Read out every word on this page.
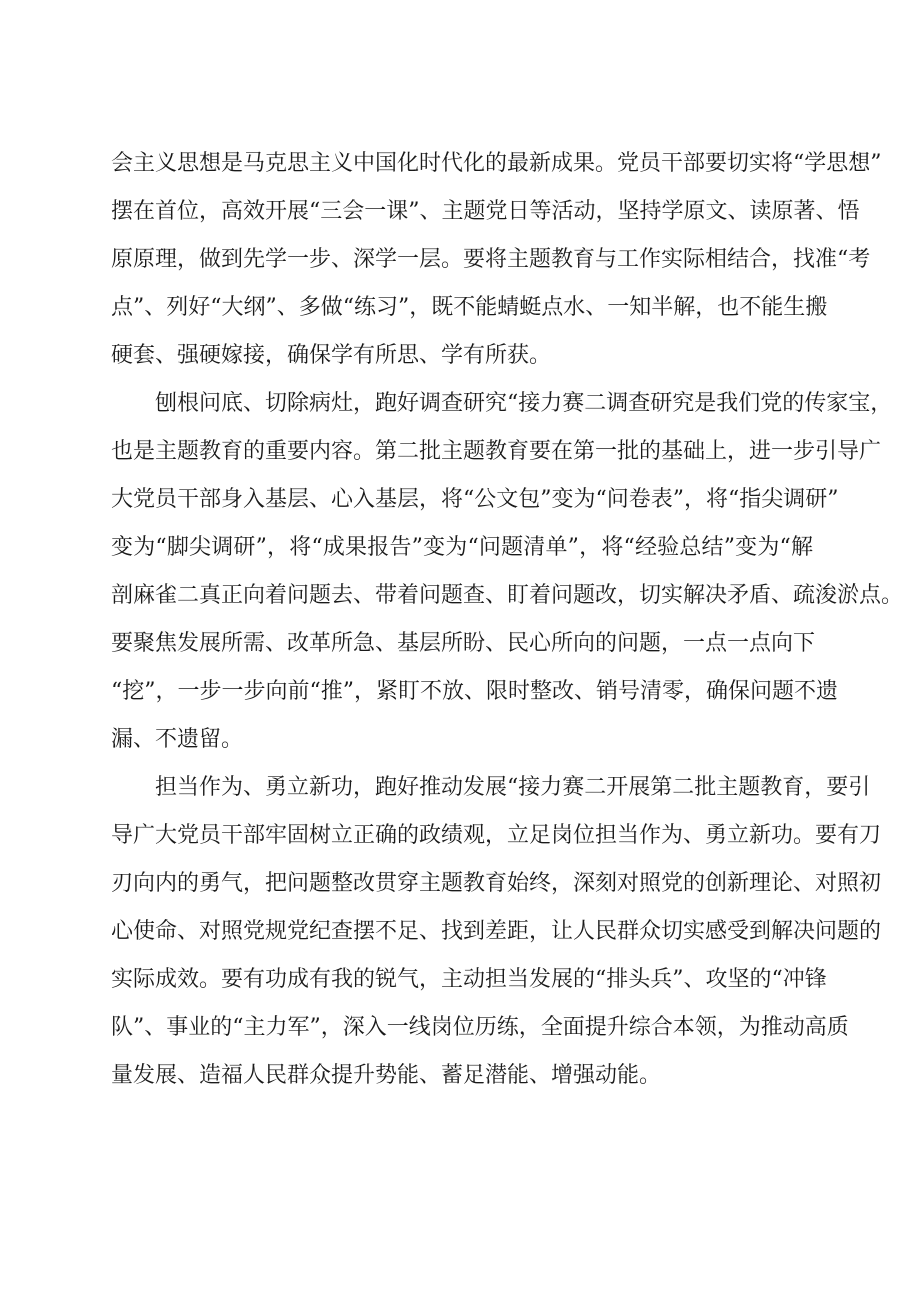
会主义思想是马克思主义中国化时代化的最新成果。党员干部要切实将“学思想”
摆在首位，高效开展“三会一课”、主题党日等活动，坚持学原文、读原著、悟
原原理，做到先学一步、深学一层。要将主题教育与工作实际相结合，找准“考
点”、列好“大纲”、多做“练习”，既不能蜻蜓点水、一知半解，也不能生搬
硬套、强硬嫁接，确保学有所思、学有所获。
刨根问底、切除病灶，跑好调查研究“接力赛二调查研究是我们党的传家宝，
也是主题教育的重要内容。第二批主题教育要在第一批的基础上，进一步引导广
大党员干部身入基层、心入基层，将“公文包”变为“问卷表”，将“指尖调研”
变为“脚尖调研”，将“成果报告”变为“问题清单”，将“经验总结”变为“解
剖麻雀二真正向着问题去、带着问题查、盯着问题改，切实解决矛盾、疏浚淤点。
要聚焦发展所需、改革所急、基层所盼、民心所向的问题，一点一点向下
“挖”，一步一步向前“推”，紧盯不放、限时整改、销号清零，确保问题不遗
漏、不遗留。
担当作为、勇立新功，跑好推动发展“接力赛二开展第二批主题教育，要引
导广大党员干部牢固树立正确的政绩观，立足岗位担当作为、勇立新功。要有刀
刃向内的勇气，把问题整改贯穿主题教育始终，深刻对照党的创新理论、对照初
心使命、对照党规党纪查摆不足、找到差距，让人民群众切实感受到解决问题的
实际成效。要有功成有我的锐气，主动担当发展的“排头兵”、攻坚的“冲锋
队”、事业的“主力军”，深入一线岗位历练，全面提升综合本领，为推动高质
量发展、造福人民群众提升势能、蓄足潜能、增强动能。
